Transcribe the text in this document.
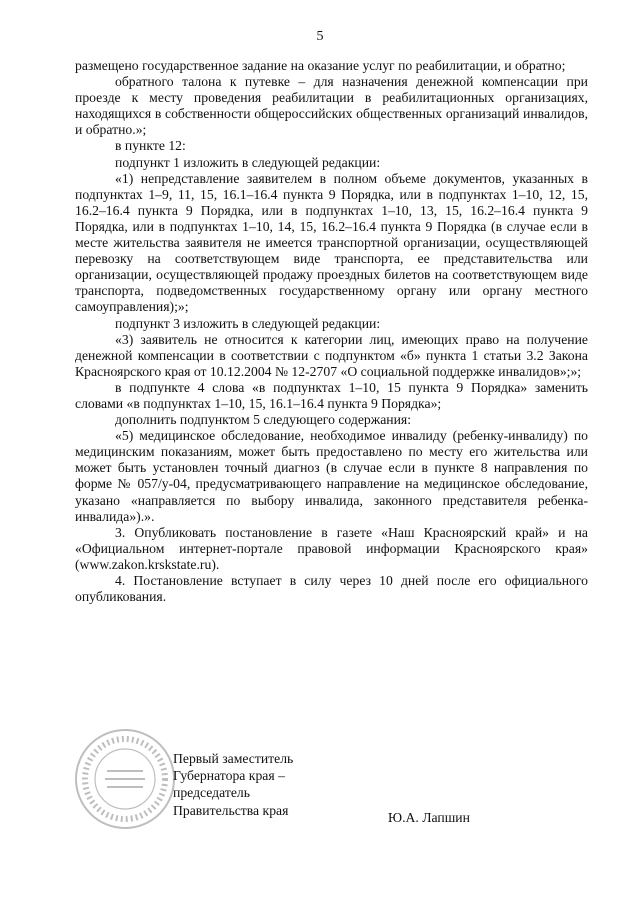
5

размещено государственное задание на оказание услуг по реабилитации, и обратно;

обратного талона к путевке – для назначения денежной компенсации при проезде к месту проведения реабилитации в реабилитационных организациях, находящихся в собственности общероссийских общественных организаций инвалидов, и обратно.»;

в пункте 12:

подпункт 1 изложить в следующей редакции:

«1) непредставление заявителем в полном объеме документов, указанных в подпунктах 1–9, 11, 15, 16.1–16.4 пункта 9 Порядка, или в подпунктах 1–10, 12, 15, 16.2–16.4 пункта 9 Порядка, или в подпунктах 1–10, 13, 15, 16.2–16.4 пункта 9 Порядка, или в подпунктах 1–10, 14, 15, 16.2–16.4 пункта 9 Порядка (в случае если в месте жительства заявителя не имеется транспортной организации, осуществляющей перевозку на соответствующем виде транспорта, ее представительства или организации, осуществляющей продажу проездных билетов на соответствующем виде транспорта, подведомственных государственному органу или органу местного самоуправления);»;

подпункт 3 изложить в следующей редакции:

«3) заявитель не относится к категории лиц, имеющих право на получение денежной компенсации в соответствии с подпунктом «б» пункта 1 статьи 3.2 Закона Красноярского края от 10.12.2004 № 12-2707 «О социальной поддержке инвалидов»;»;

в подпункте 4 слова «в подпунктах 1–10, 15 пункта 9 Порядка» заменить словами «в подпунктах 1–10, 15, 16.1–16.4 пункта 9 Порядка»;

дополнить подпунктом 5 следующего содержания:

«5) медицинское обследование, необходимое инвалиду (ребенку-инвалиду) по медицинским показаниям, может быть предоставлено по месту его жительства или может быть установлен точный диагноз (в случае если в пункте 8 направления по форме № 057/у-04, предусматривающего направление на медицинское обследование, указано «направляется по выбору инвалида, законного представителя ребенка-инвалида»).».

3. Опубликовать постановление в газете «Наш Красноярский край» и на «Официальном интернет-портале правовой информации Красноярского края» (www.zakon.krskstate.ru).

4. Постановление вступает в силу через 10 дней после его официального опубликования.

Первый заместитель
Губернатора края –
председатель
Правительства края	Ю.А. Лапшин
